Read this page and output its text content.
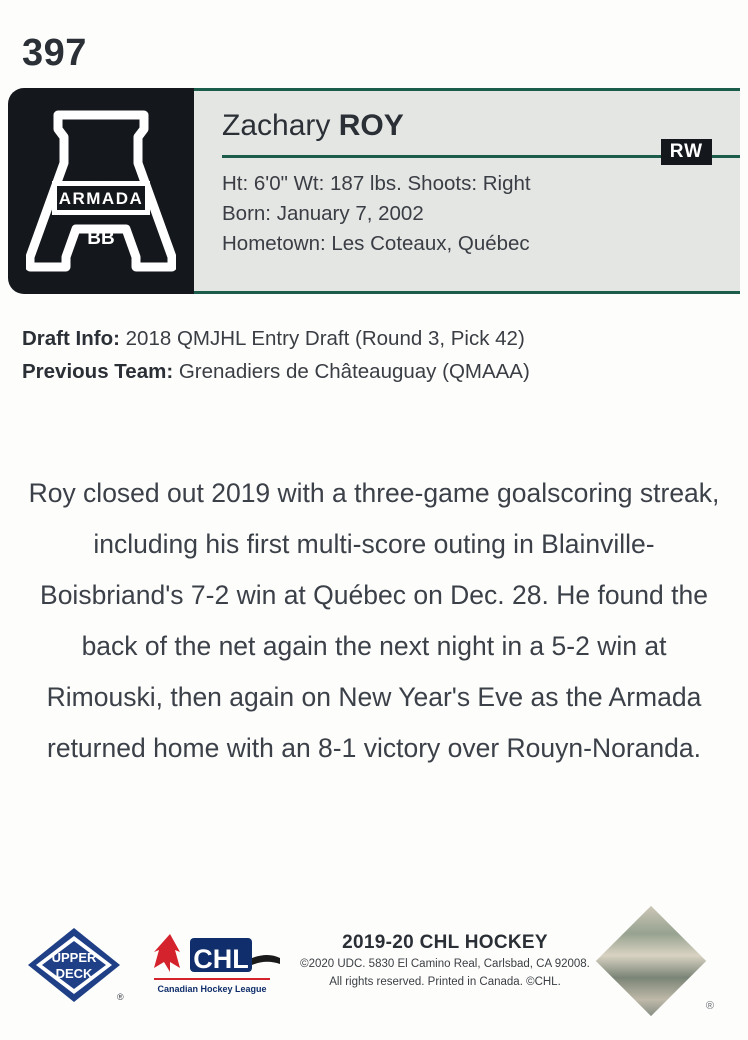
397
ARMADA
BB
Zachary ROY
RW
Ht: 6'0" Wt: 187 lbs. Shoots: Right
Born: January 7, 2002
Hometown: Les Coteaux, Québec
Draft Info: 2018 QMJHL Entry Draft (Round 3, Pick 42)
Previous Team: Grenadiers de Châteauguay (QMAAA)
Roy closed out 2019 with a three-game goalscoring streak, including his first multi-score outing in Blainville-Boisbriand's 7-2 win at Québec on Dec. 28. He found the back of the net again the next night in a 5-2 win at Rimouski, then again on New Year's Eve as the Armada returned home with an 8-1 victory over Rouyn-Noranda.
UPPER
DECK
®
CHL
Canadian Hockey League
2019-20 CHL HOCKEY
©2020 UDC. 5830 El Camino Real, Carlsbad, CA 92008.
All rights reserved. Printed in Canada. ©CHL.
®
